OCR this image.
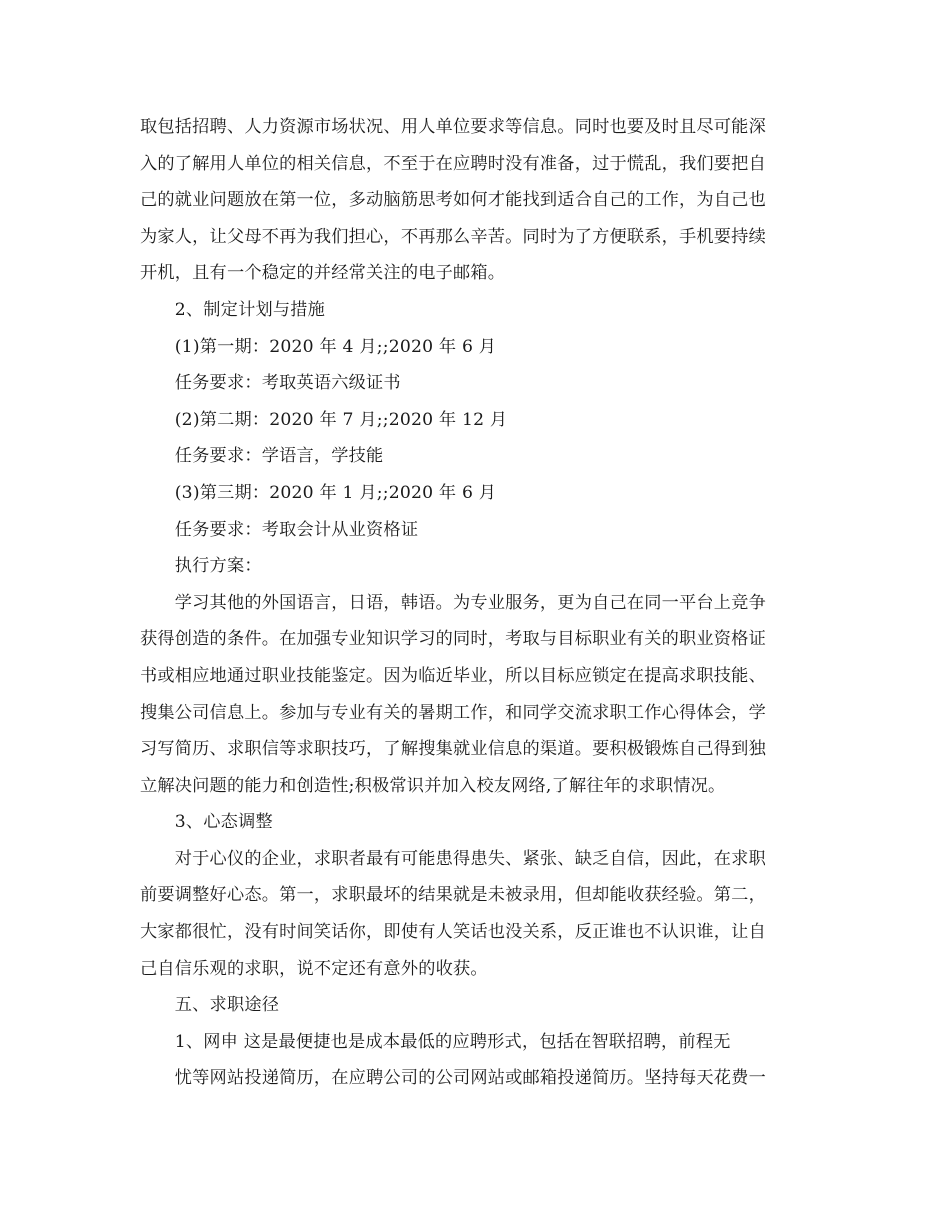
取包括招聘、人力资源市场状况、用人单位要求等信息。同时也要及时且尽可能深
入的了解用人单位的相关信息，不至于在应聘时没有准备，过于慌乱，我们要把自
己的就业问题放在第一位，多动脑筋思考如何才能找到适合自己的工作，为自己也
为家人，让父母不再为我们担心，不再那么辛苦。同时为了方便联系，手机要持续
开机，且有一个稳定的并经常关注的电子邮箱。

　　2、制定计划与措施

　　(1)第一期：2020 年 4 月;;2020 年 6 月

　　任务要求：考取英语六级证书

　　(2)第二期：2020 年 7 月;;2020 年 12 月

　　任务要求：学语言，学技能

　　(3)第三期：2020 年 1 月;;2020 年 6 月

　　任务要求：考取会计从业资格证

　　执行方案：

　　学习其他的外国语言，日语，韩语。为专业服务，更为自己在同一平台上竞争
获得创造的条件。在加强专业知识学习的同时，考取与目标职业有关的职业资格证
书或相应地通过职业技能鉴定。因为临近毕业，所以目标应锁定在提高求职技能、
搜集公司信息上。参加与专业有关的暑期工作，和同学交流求职工作心得体会，学
习写简历、求职信等求职技巧，了解搜集就业信息的渠道。要积极锻炼自己得到独
立解决问题的能力和创造性;积极常识并加入校友网络,了解往年的求职情况。

　　3、心态调整

　　对于心仪的企业，求职者最有可能患得患失、紧张、缺乏自信，因此，在求职
前要调整好心态。第一，求职最坏的结果就是未被录用，但却能收获经验。第二，
大家都很忙，没有时间笑话你，即使有人笑话也没关系，反正谁也不认识谁，让自
己自信乐观的求职，说不定还有意外的收获。

　　五、求职途径

　　1、网申 这是最便捷也是成本最低的应聘形式，包括在智联招聘，前程无
　　忧等网站投递简历，在应聘公司的公司网站或邮箱投递简历。坚持每天花费一
